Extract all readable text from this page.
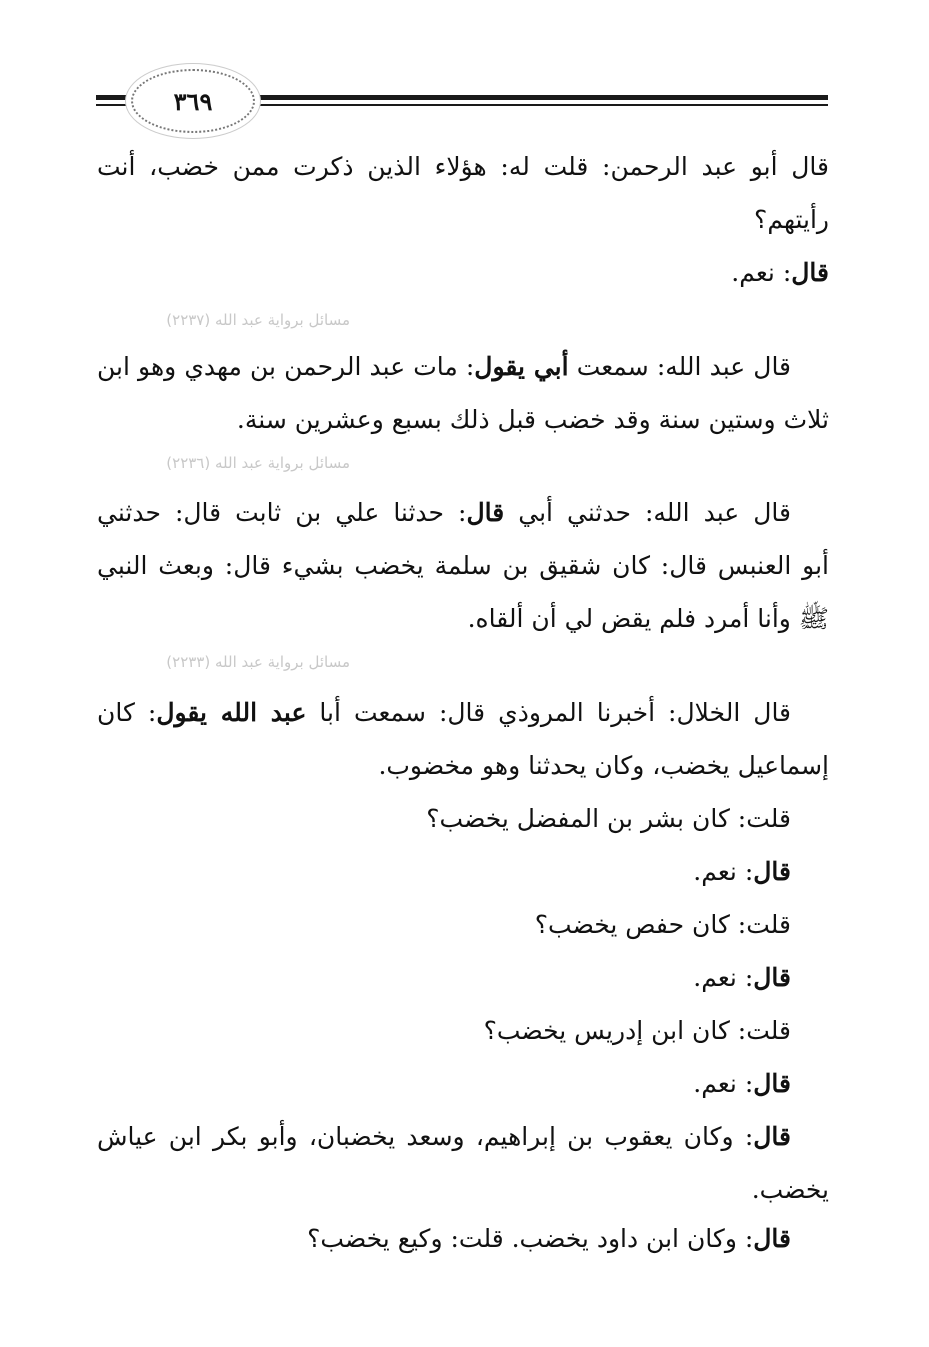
٣٦٩
مسائل برواية عبد الله (٢٢٣٧)
مسائل برواية عبد الله (٢٢٣٦)
مسائل برواية عبد الله (٢٢٣٣)
قال أبو عبد الرحمن: قلت له: هؤلاء الذين ذكرت ممن خضب، أنت
رأيتهم؟
قال: نعم.
قال عبد الله: سمعت أبي يقول: مات عبد الرحمن بن مهدي وهو ابن
ثلاث وستين سنة وقد خضب قبل ذلك بسبع وعشرين سنة.
قال عبد الله: حدثني أبي قال: حدثنا علي بن ثابت قال: حدثني
أبو العنبس قال: كان شقيق بن سلمة يخضب بشيء قال: وبعث النبي
ﷺ وأنا أمرد فلم يقض لي أن ألقاه.
قال الخلال: أخبرنا المروذي قال: سمعت أبا عبد الله يقول: كان
إسماعيل يخضب، وكان يحدثنا وهو مخضوب.
قلت: كان بشر بن المفضل يخضب؟
قال: نعم.
قلت: كان حفص يخضب؟
قال: نعم.
قلت: كان ابن إدريس يخضب؟
قال: نعم.
قال: وكان يعقوب بن إبراهيم، وسعد يخضبان، وأبو بكر ابن عياش
يخضب.
قال: وكان ابن داود يخضب. قلت: وكيع يخضب؟
